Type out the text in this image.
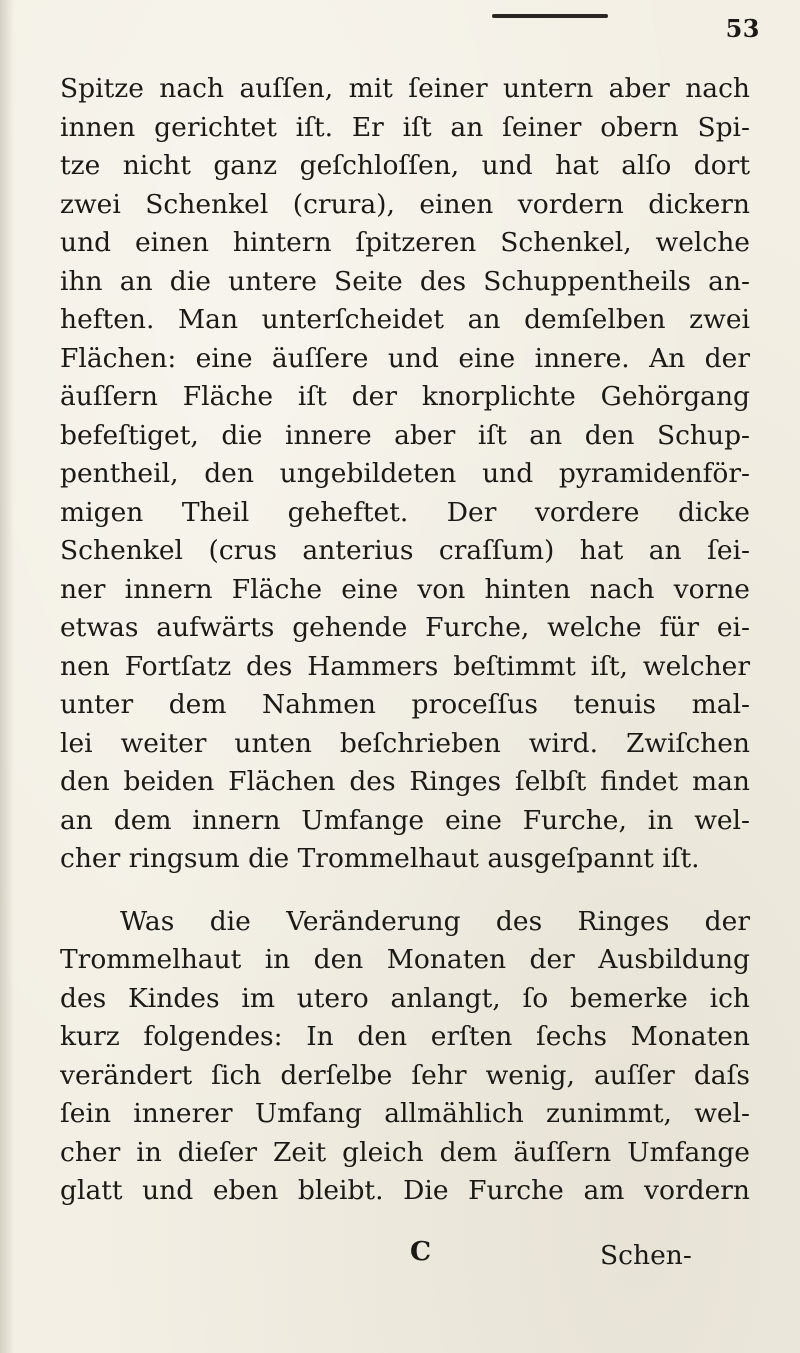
53
Spitze nach auſſen, mit ſeiner untern aber nach
innen gerichtet iſt. Er iſt an ſeiner obern Spi-
tze nicht ganz geſchloſſen, und hat alſo dort
zwei Schenkel (crura), einen vordern dickern
und einen hintern ſpitzeren Schenkel, welche
ihn an die untere Seite des Schuppentheils an-
heften. Man unterſcheidet an demſelben zwei
Flächen: eine äuſſere und eine innere. An der
äuſſern Fläche iſt der knorplichte Gehörgang
befeſtiget, die innere aber iſt an den Schup-
pentheil, den ungebildeten und pyramidenför-
migen Theil geheftet. Der vordere dicke
Schenkel (crus anterius craſſum) hat an ſei-
ner innern Fläche eine von hinten nach vorne
etwas aufwärts gehende Furche, welche für ei-
nen Fortſatz des Hammers beſtimmt iſt, welcher
unter dem Nahmen proceſſus tenuis mal-
lei weiter unten beſchrieben wird. Zwiſchen
den beiden Flächen des Ringes ſelbſt findet man
an dem innern Umfange eine Furche, in wel-
cher ringsum die Trommelhaut ausgeſpannt iſt.
Was die Veränderung des Ringes der
Trommelhaut in den Monaten der Ausbildung
des Kindes im utero anlangt, ſo bemerke ich
kurz folgendes: In den erſten ſechs Monaten
verändert ſich derſelbe ſehr wenig, auſſer daſs
ſein innerer Umfang allmählich zunimmt, wel-
cher in dieſer Zeit gleich dem äuſſern Umfange
glatt und eben bleibt. Die Furche am vordern
C	Schen-
